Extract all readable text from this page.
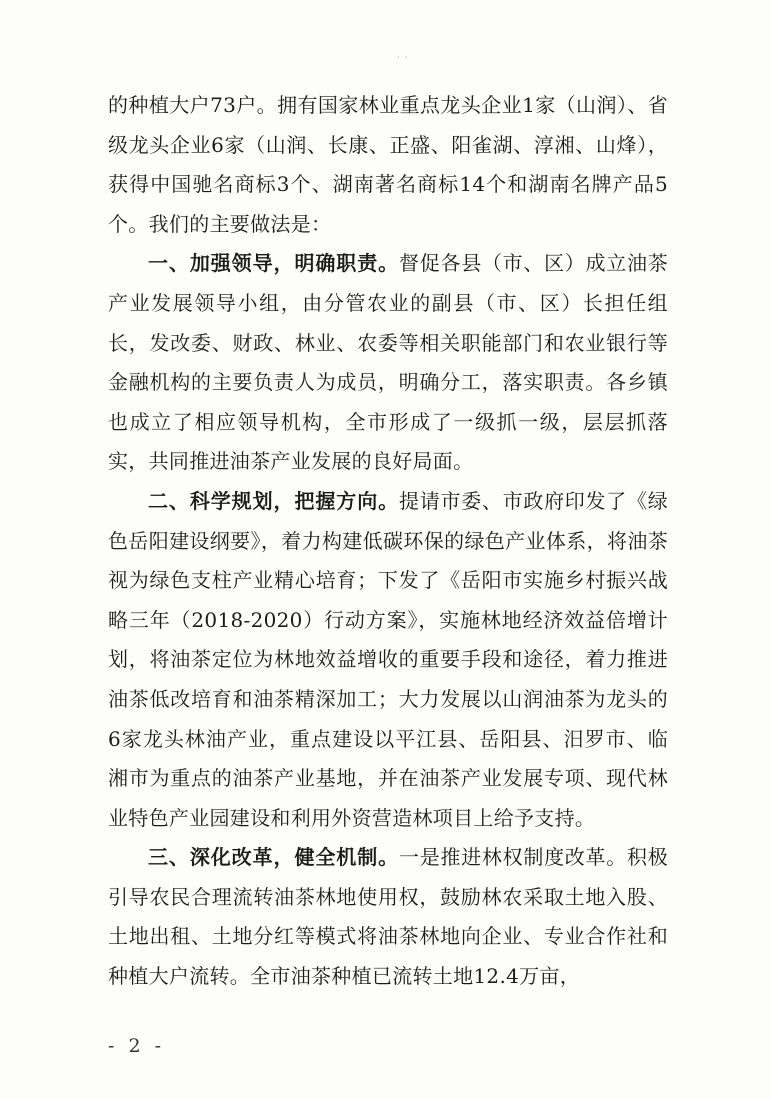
˙ ˋ

的种植大户73户。拥有国家林业重点龙头企业1家（山润）、省级龙头企业6家（山润、长康、正盛、阳雀湖、淳湘、山烽），获得中国驰名商标3个、湖南著名商标14个和湖南名牌产品5个。我们的主要做法是：

一、加强领导，明确职责。督促各县（市、区）成立油茶产业发展领导小组，由分管农业的副县（市、区）长担任组长，发改委、财政、林业、农委等相关职能部门和农业银行等金融机构的主要负责人为成员，明确分工，落实职责。各乡镇也成立了相应领导机构，全市形成了一级抓一级，层层抓落实，共同推进油茶产业发展的良好局面。

二、科学规划，把握方向。提请市委、市政府印发了《绿色岳阳建设纲要》，着力构建低碳环保的绿色产业体系，将油茶视为绿色支柱产业精心培育；下发了《岳阳市实施乡村振兴战略三年（2018-2020）行动方案》，实施林地经济效益倍增计划，将油茶定位为林地效益增收的重要手段和途径，着力推进油茶低改培育和油茶精深加工；大力发展以山润油茶为龙头的6家龙头林油产业，重点建设以平江县、岳阳县、汨罗市、临湘市为重点的油茶产业基地，并在油茶产业发展专项、现代林业特色产业园建设和利用外资营造林项目上给予支持。

三、深化改革，健全机制。一是推进林权制度改革。积极引导农民合理流转油茶林地使用权，鼓励林农采取土地入股、土地出租、土地分红等模式将油茶林地向企业、专业合作社和种植大户流转。全市油茶种植已流转土地12.4万亩，

- 2 -
